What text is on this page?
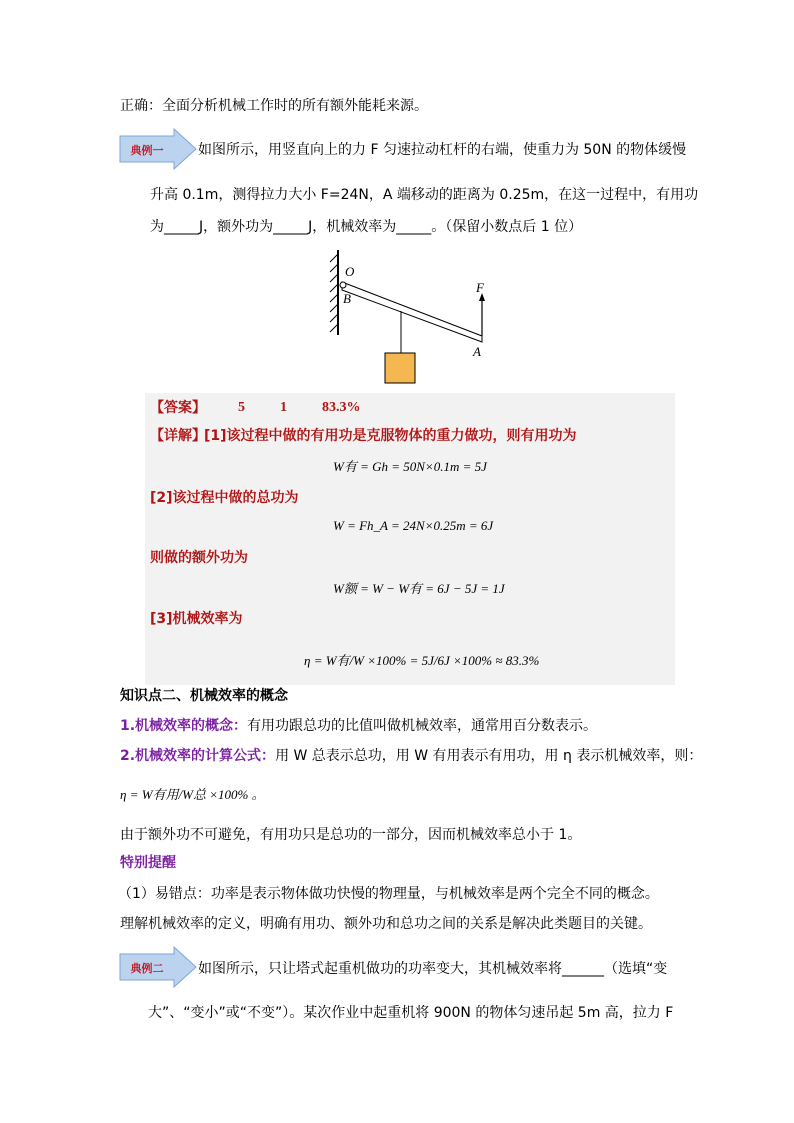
正确：全面分析机械工作时的所有额外能耗来源。
典例一 如图所示，用竖直向上的力 F 匀速拉动杠杆的右端，使重力为 50N 的物体缓慢
升高 0.1m，测得拉力大小 F=24N，A 端移动的距离为 0.25m，在这一过程中，有用功
为_____J，额外功为_____J，机械效率为_____。（保留小数点后 1 位）
O
B
F
A
【答案】 5	1	83.3%
【详解】
[1]该过程中做的有用功是克服物体的重力做功，则有用功为
W有 = Gh = 50N×0.1m = 5J
[2]该过程中做的总功为
W = Fh_A = 24N×0.25m = 6J
则做的额外功为
W额 = W − W有 = 6J − 5J = 1J
[3]机械效率为
η = W有/W ×100% = 5J/6J ×100% ≈ 83.3%
知识点二、机械效率的概念
1.机械效率的概念：有用功跟总功的比值叫做机械效率，通常用百分数表示。
2.机械效率的计算公式：用 W 总表示总功，用 W 有用表示有用功，用 η 表示机械效率，则：
η = W有用/W总 ×100% 。
由于额外功不可避免，有用功只是总功的一部分，因而机械效率总小于 1。
特别提醒
（1）易错点：功率是表示物体做功快慢的物理量，与机械效率是两个完全不同的概念。
理解机械效率的定义，明确有用功、额外功和总功之间的关系是解决此类题目的关键。
典例二 如图所示，只让塔式起重机做功的功率变大，其机械效率将______（选填“变
大”、“变小”或“不变”）。某次作业中起重机将 900N 的物体匀速吊起 5m 高，拉力 F
